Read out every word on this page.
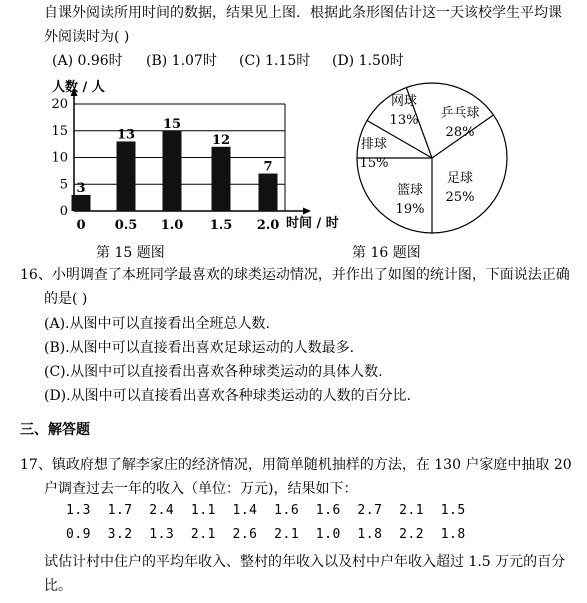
自课外阅读所用时间的数据，结果见上图．根据此条形图估计这一天该校学生平均课
外阅读时为( )
(A) 0.96时 (B) 1.07时 (C) 1.15时 (D) 1.50时
0
5
10
15
20
3
0
13
0.5
15
1.0
12
1.5
7
2.0
人数 / 人
时间 / 时
第 15 题图
网球
13% 乒乓球
28%
足球
25%
篮球
19%
排球
15%
第 16 题图
16、小明调查了本班同学最喜欢的球类运动情况，并作出了如图的统计图，下面说法正确
的是( )
(A).从图中可以直接看出全班总人数.
(B).从图中可以直接看出喜欢足球运动的人数最多.
(C).从图中可以直接看出喜欢各种球类运动的具体人数.
(D).从图中可以直接看出喜欢各种球类运动的人数的百分比.
三、解答题
17、镇政府想了解李家庄的经济情况，用简单随机抽样的方法，在 130 户家庭中抽取 20
户调查过去一年的收入（单位：万元)，结果如下：
1.3  1.7  2.4  1.1  1.4  1.6  1.6  2.7  2.1  1.5
0.9  3.2  1.3  2.1  2.6  2.1  1.0  1.8  2.2  1.8
试估计村中住户的平均年收入、整村的年收入以及村中户年收入超过 1.5 万元的百分
比。
